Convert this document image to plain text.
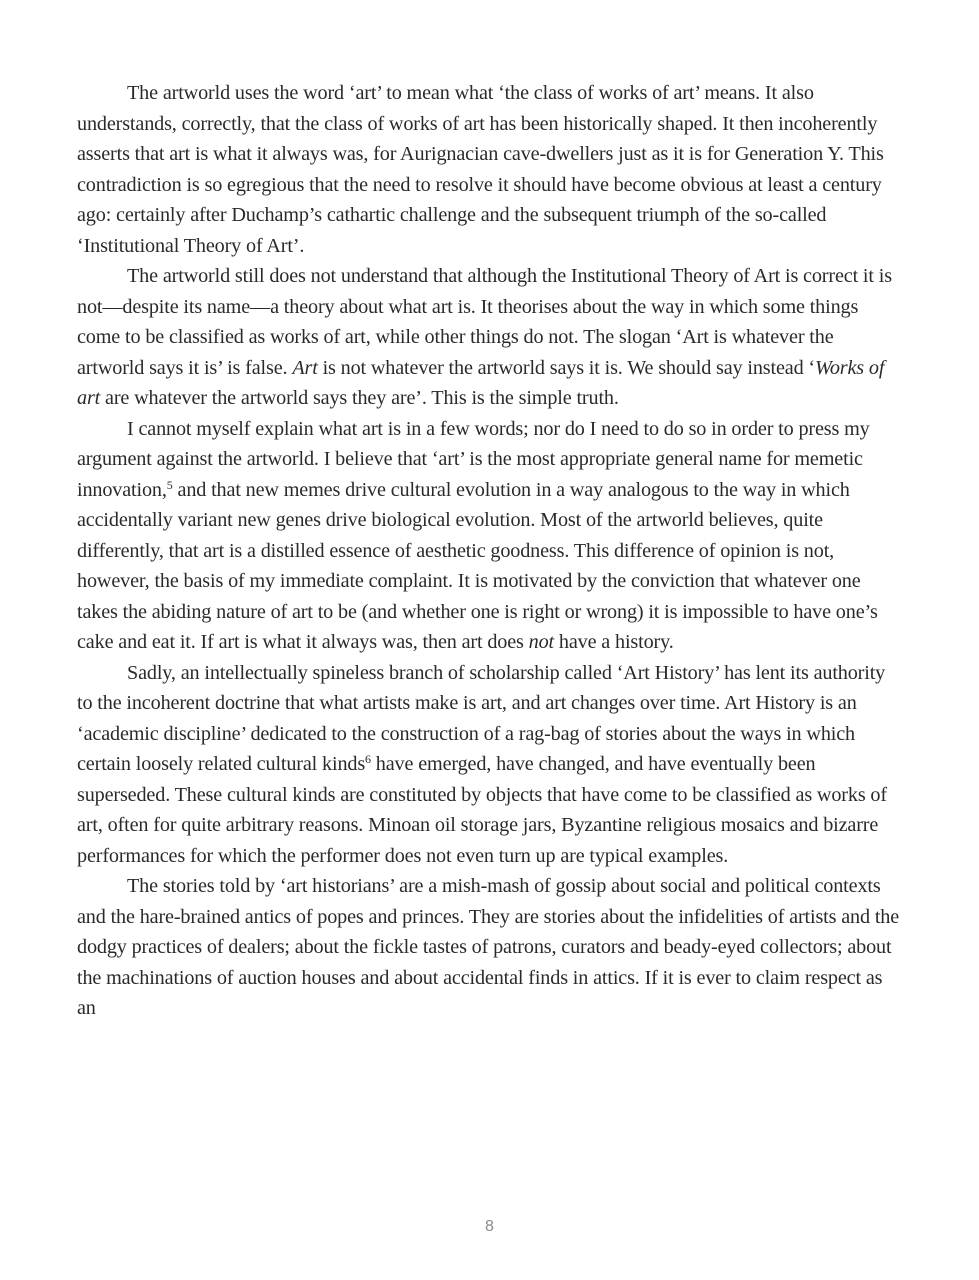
The artworld uses the word ‘art’ to mean what ‘the class of works of art’ means. It also understands, correctly, that the class of works of art has been historically shaped. It then incoherently asserts that art is what it always was, for Aurignacian cave-dwellers just as it is for Generation Y. This contradiction is so egregious that the need to resolve it should have become obvious at least a century ago: certainly after Duchamp’s cathartic challenge and the subsequent triumph of the so-called ‘Institutional Theory of Art’.

The artworld still does not understand that although the Institutional Theory of Art is correct it is not—despite its name—a theory about what art is. It theorises about the way in which some things come to be classified as works of art, while other things do not. The slogan ‘Art is whatever the artworld says it is’ is false. Art is not whatever the artworld says it is. We should say instead ‘Works of art are whatever the artworld says they are’. This is the simple truth.

I cannot myself explain what art is in a few words; nor do I need to do so in order to press my argument against the artworld. I believe that ‘art’ is the most appropriate general name for memetic innovation,$^5$ and that new memes drive cultural evolution in a way analogous to the way in which accidentally variant new genes drive biological evolution. Most of the artworld believes, quite differently, that art is a distilled essence of aesthetic goodness. This difference of opinion is not, however, the basis of my immediate complaint. It is motivated by the conviction that whatever one takes the abiding nature of art to be (and whether one is right or wrong) it is impossible to have one’s cake and eat it. If art is what it always was, then art does not have a history.

Sadly, an intellectually spineless branch of scholarship called ‘Art History’ has lent its authority to the incoherent doctrine that what artists make is art, and art changes over time. Art History is an ‘academic discipline’ dedicated to the construction of a rag-bag of stories about the ways in which certain loosely related cultural kinds$^6$ have emerged, have changed, and have eventually been superseded. These cultural kinds are constituted by objects that have come to be classified as works of art, often for quite arbitrary reasons. Minoan oil storage jars, Byzantine religious mosaics and bizarre performances for which the performer does not even turn up are typical examples.

The stories told by ‘art historians’ are a mish-mash of gossip about social and political contexts and the hare-brained antics of popes and princes. They are stories about the infidelities of artists and the dodgy practices of dealers; about the fickle tastes of patrons, curators and beady-eyed collectors; about the machinations of auction houses and about accidental finds in attics. If it is ever to claim respect as an

8
